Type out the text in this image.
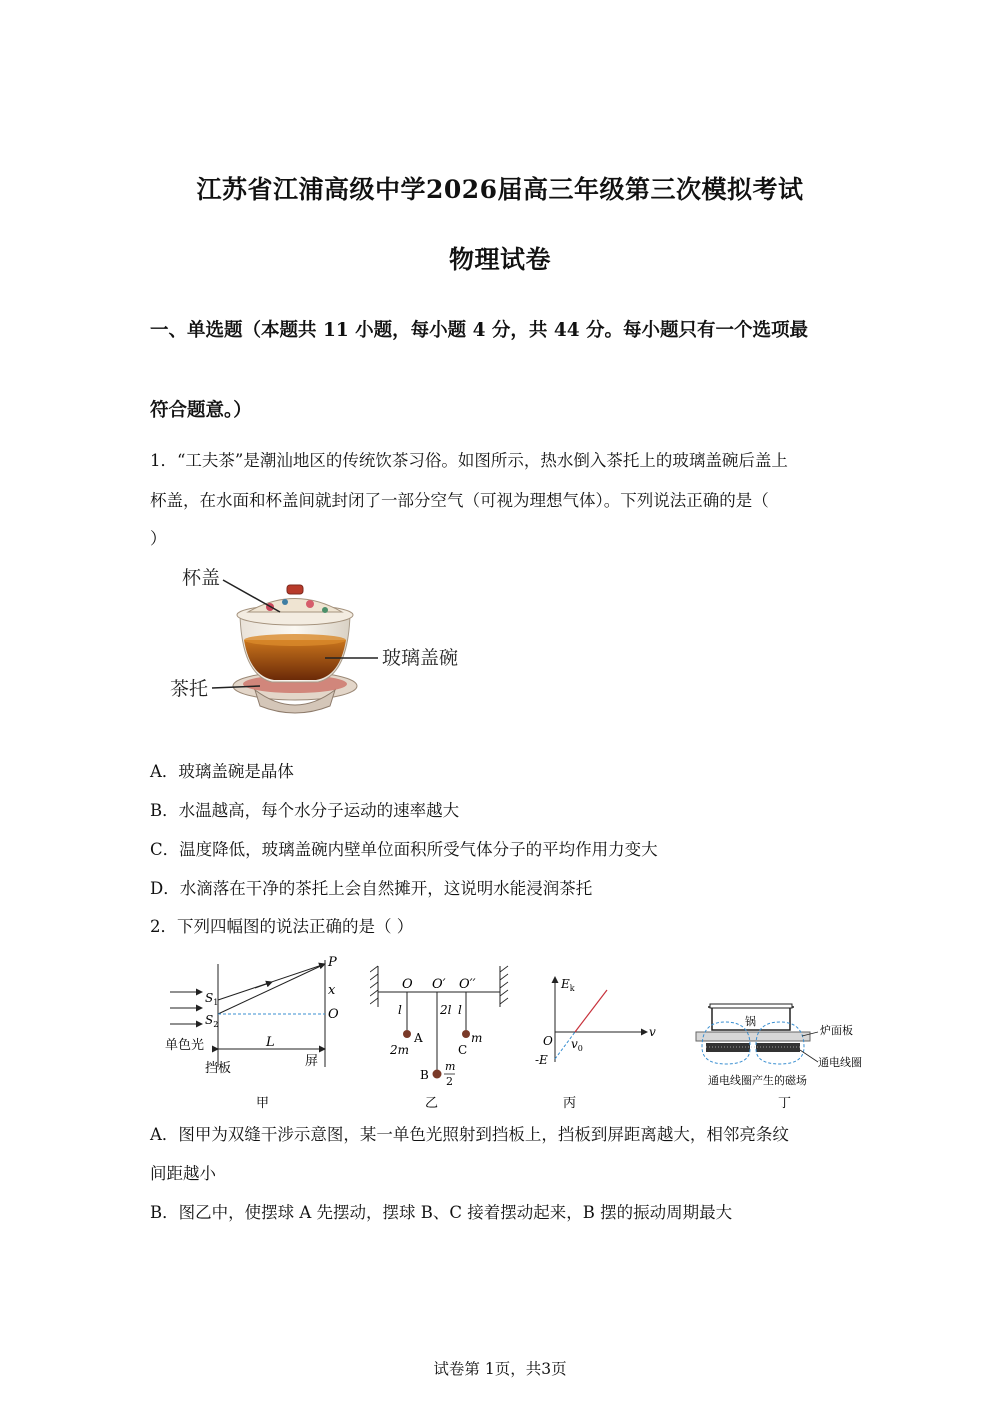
江苏省江浦高级中学2026届高三年级第三次模拟考试
物理试卷
一、单选题（本题共 11 小题，每小题 4 分，共 44 分。每小题只有一个选项最
符合题意。）
1．“工夫茶”是潮汕地区的传统饮茶习俗。如图所示，热水倒入茶托上的玻璃盖碗后盖上
杯盖，在水面和杯盖间就封闭了一部分空气（可视为理想气体）。下列说法正确的是（
）
杯盖
玻璃盖碗
茶托
A．玻璃盖碗是晶体
B．水温越高，每个水分子运动的速率越大
C．温度降低，玻璃盖碗内壁单位面积所受气体分子的平均作用力变大
D．水滴落在干净的茶托上会自然摊开，这说明水能浸润茶托
2．下列四幅图的说法正确的是（ ）
P
x
O
$S_1$
$S_2$
L
单色光
挡板	屏
甲
O O′ O′′
l	2l l
A
2m	C
m
B
m
2
乙
$E_k$
v
O
-E
$v_0$
丙
锅
炉面板
通电线圈
通电线圈产生的磁场
丁
A．图甲为双缝干涉示意图，某一单色光照射到挡板上，挡板到屏距离越大，相邻亮条纹
间距越小
B．图乙中，使摆球 A 先摆动，摆球 B、C 接着摆动起来，B 摆的振动周期最大
试卷第 1页，共3页
